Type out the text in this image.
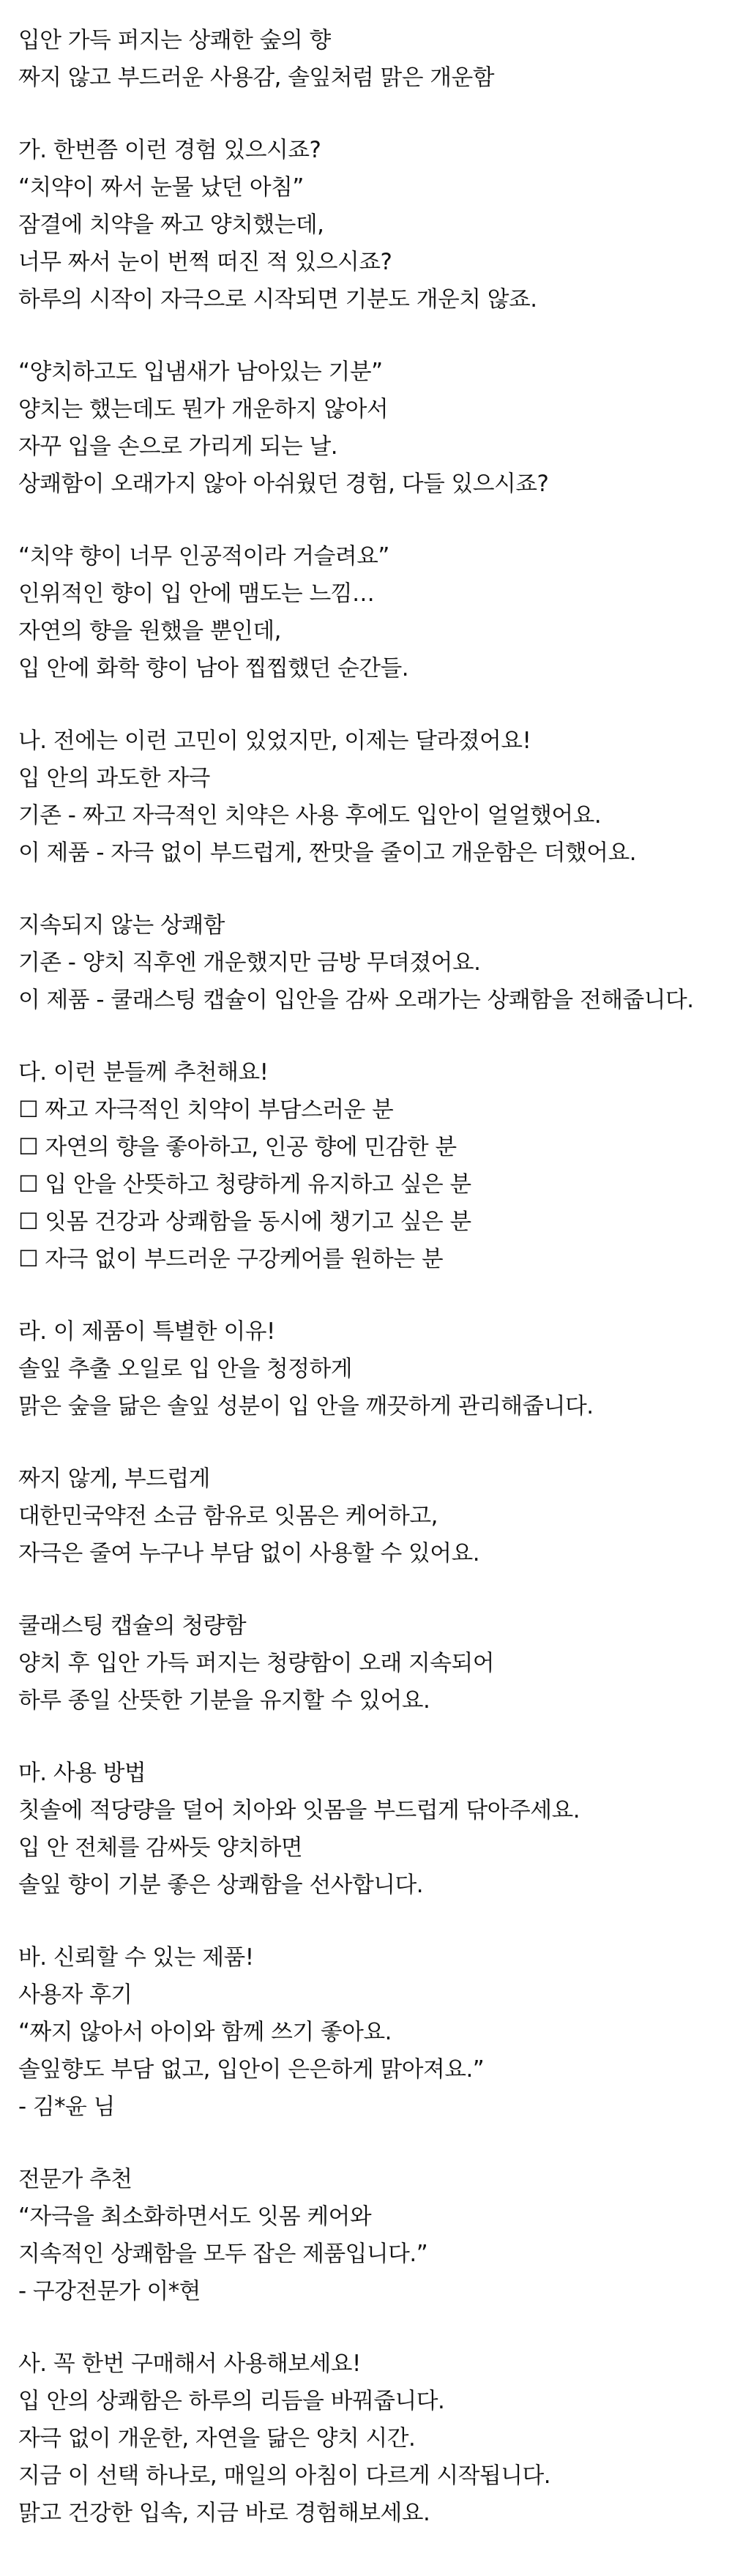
입안 가득 퍼지는 상쾌한 숲의 향
짜지 않고 부드러운 사용감, 솔잎처럼 맑은 개운함
가. 한번쯤 이런 경험 있으시죠?
“치약이 짜서 눈물 났던 아침”
잠결에 치약을 짜고 양치했는데,
너무 짜서 눈이 번쩍 떠진 적 있으시죠?
하루의 시작이 자극으로 시작되면 기분도 개운치 않죠.
“양치하고도 입냄새가 남아있는 기분”
양치는 했는데도 뭔가 개운하지 않아서
자꾸 입을 손으로 가리게 되는 날.
상쾌함이 오래가지 않아 아쉬웠던 경험, 다들 있으시죠?
“치약 향이 너무 인공적이라 거슬려요”
인위적인 향이 입 안에 맴도는 느낌…
자연의 향을 원했을 뿐인데,
입 안에 화학 향이 남아 찝찝했던 순간들.
나. 전에는 이런 고민이 있었지만, 이제는 달라졌어요!
입 안의 과도한 자극
기존 - 짜고 자극적인 치약은 사용 후에도 입안이 얼얼했어요.
이 제품 - 자극 없이 부드럽게, 짠맛을 줄이고 개운함은 더했어요.
지속되지 않는 상쾌함
기존 - 양치 직후엔 개운했지만 금방 무뎌졌어요.
이 제품 - 쿨래스팅 캡슐이 입안을 감싸 오래가는 상쾌함을 전해줍니다.
다. 이런 분들께 추천해요!
☐ 짜고 자극적인 치약이 부담스러운 분
☐ 자연의 향을 좋아하고, 인공 향에 민감한 분
☐ 입 안을 산뜻하고 청량하게 유지하고 싶은 분
☐ 잇몸 건강과 상쾌함을 동시에 챙기고 싶은 분
☐ 자극 없이 부드러운 구강케어를 원하는 분
라. 이 제품이 특별한 이유!
솔잎 추출 오일로 입 안을 청정하게
맑은 숲을 닮은 솔잎 성분이 입 안을 깨끗하게 관리해줍니다.
짜지 않게, 부드럽게
대한민국약전 소금 함유로 잇몸은 케어하고,
자극은 줄여 누구나 부담 없이 사용할 수 있어요.
쿨래스팅 캡슐의 청량함
양치 후 입안 가득 퍼지는 청량함이 오래 지속되어
하루 종일 산뜻한 기분을 유지할 수 있어요.
마. 사용 방법
칫솔에 적당량을 덜어 치아와 잇몸을 부드럽게 닦아주세요.
입 안 전체를 감싸듯 양치하면
솔잎 향이 기분 좋은 상쾌함을 선사합니다.
바. 신뢰할 수 있는 제품!
사용자 후기
“짜지 않아서 아이와 함께 쓰기 좋아요.
솔잎향도 부담 없고, 입안이 은은하게 맑아져요.”
- 김*윤 님
전문가 추천
“자극을 최소화하면서도 잇몸 케어와
지속적인 상쾌함을 모두 잡은 제품입니다.”
- 구강전문가 이*현
사. 꼭 한번 구매해서 사용해보세요!
입 안의 상쾌함은 하루의 리듬을 바꿔줍니다.
자극 없이 개운한, 자연을 닮은 양치 시간.
지금 이 선택 하나로, 매일의 아침이 다르게 시작됩니다.
맑고 건강한 입속, 지금 바로 경험해보세요.
